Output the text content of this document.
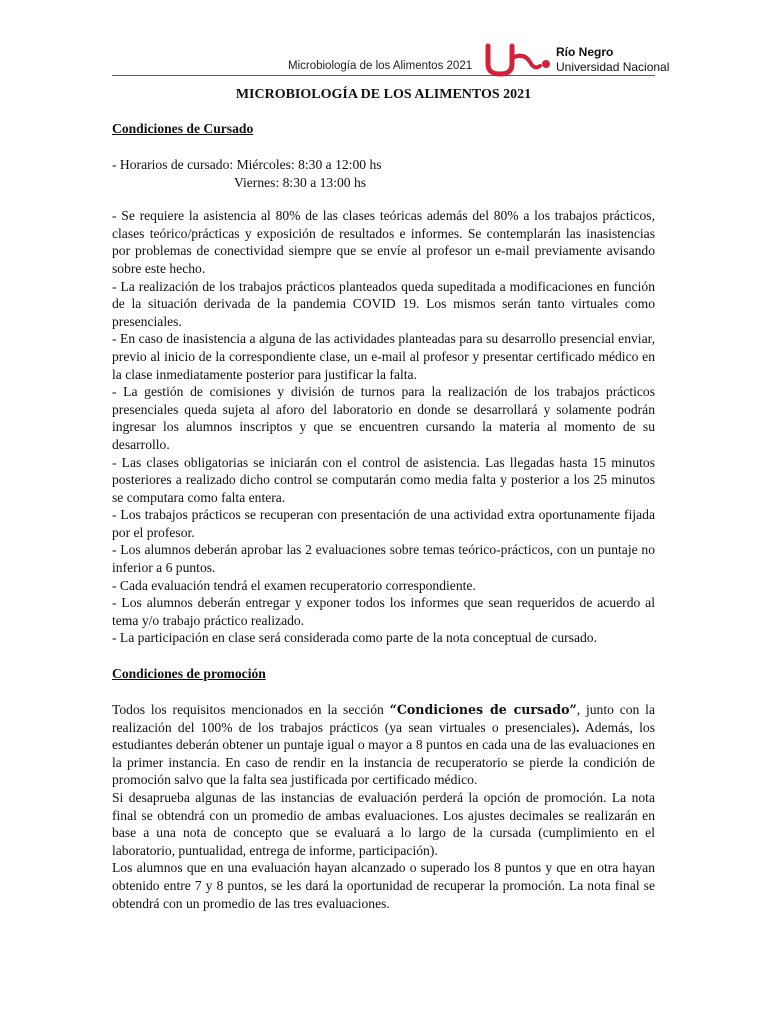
Microbiología de los Alimentos 2021
Río Negro
Universidad Nacional
MICROBIOLOGÍA DE LOS ALIMENTOS 2021
Condiciones de Cursado
- Horarios de cursado: Miércoles: 8:30 a 12:00 hs
Viernes: 8:30 a 13:00 hs

- Se requiere la asistencia al 80% de las clases teóricas además del 80% a los trabajos prácticos, clases teórico/prácticas y exposición de resultados e informes. Se contemplarán las inasistencias por problemas de conectividad siempre que se envíe al profesor un e-mail previamente avisando sobre este hecho.

- La realización de los trabajos prácticos planteados queda supeditada a modificaciones en función de la situación derivada de la pandemia COVID 19. Los mismos serán tanto virtuales como presenciales.

- En caso de inasistencia a alguna de las actividades planteadas para su desarrollo presencial enviar, previo al inicio de la correspondiente clase, un e-mail al profesor y presentar certificado médico en la clase inmediatamente posterior para justificar la falta.

- La gestión de comisiones y división de turnos para la realización de los trabajos prácticos presenciales queda sujeta al aforo del laboratorio en donde se desarrollará y solamente podrán ingresar los alumnos inscriptos y que se encuentren cursando la materia al momento de su desarrollo.

- Las clases obligatorias se iniciarán con el control de asistencia. Las llegadas hasta 15 minutos posteriores a realizado dicho control se computarán como media falta y posterior a los 25 minutos se computara como falta entera.

- Los trabajos prácticos se recuperan con presentación de una actividad extra oportunamente fijada por el profesor.

- Los alumnos deberán aprobar las 2 evaluaciones sobre temas teórico-prácticos, con un puntaje no inferior a 6 puntos.

- Cada evaluación tendrá el examen recuperatorio correspondiente.

- Los alumnos deberán entregar y exponer todos los informes que sean requeridos de acuerdo al tema y/o trabajo práctico realizado.

- La participación en clase será considerada como parte de la nota conceptual de cursado.

Condiciones de promoción

Todos los requisitos mencionados en la sección “Condiciones de cursado”, junto con la realización del 100% de los trabajos prácticos (ya sean virtuales o presenciales). Además, los estudiantes deberán obtener un puntaje igual o mayor a 8 puntos en cada una de las evaluaciones en la primer instancia. En caso de rendir en la instancia de recuperatorio se pierde la condición de promoción salvo que la falta sea justificada por certificado médico.

Si desaprueba algunas de las instancias de evaluación perderá la opción de promoción. La nota final se obtendrá con un promedio de ambas evaluaciones. Los ajustes decimales se realizarán en base a una nota de concepto que se evaluará a lo largo de la cursada (cumplimiento en el laboratorio, puntualidad, entrega de informe, participación).

Los alumnos que en una evaluación hayan alcanzado o superado los 8 puntos y que en otra hayan obtenido entre 7 y 8 puntos, se les dará la oportunidad de recuperar la promoción. La nota final se obtendrá con un promedio de las tres evaluaciones.
